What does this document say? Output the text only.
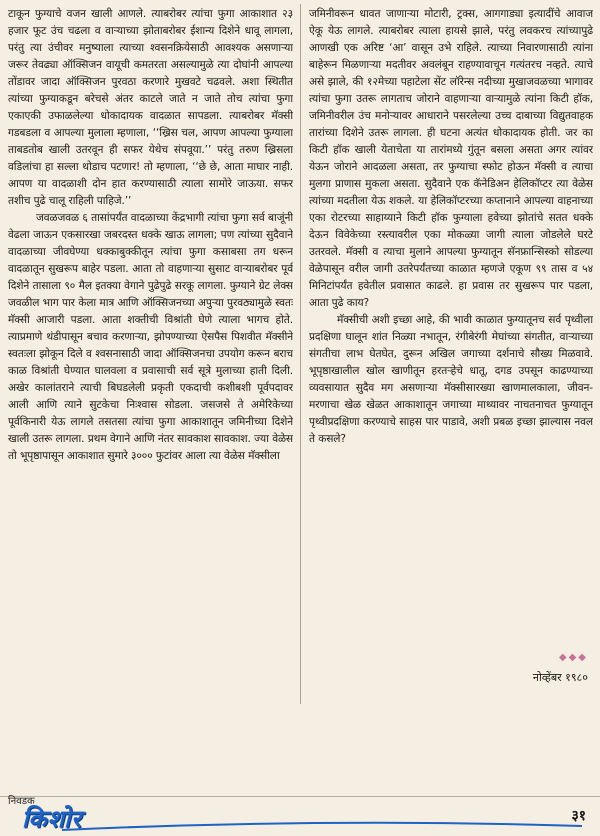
टाकून फुग्याचे वजन खाली आणले. त्याबरोबर त्यांचा फुगा आकाशात २३ हजार फूट उंच चढला व वाऱ्याच्या झोताबरोबर ईशान्य दिशेने धावू लागला, परंतु त्या उंचीवर मनुष्याला त्याच्या श्वसनक्रियेसाठी आवश्यक असणाऱ्या जरूर तेवढ्या ऑक्सिजन वायूची कमतरता असल्यामुळे त्या दोघांनी आपल्या तोंडावर जादा ऑक्सिजन पुरवठा करणारे मुखवटे चढवले. अशा स्थितीत त्यांच्या फुग्याकडून बरेचसे अंतर काटले जाते न जाते तोच त्यांचा फुगा एकाएकी उफाळलेल्या धोकादायक वादळात सापडला. त्याबरोबर मॅक्सी गडबडला व आपल्या मुलाला म्हणाला, ‘‘ख्रिस चल, आपण आपल्या फुग्याला ताबडतोब खाली उतरवून ही सफर येथेच संपवूया.’’ परंतु तरुण ख्रिसला वडिलांचा हा सल्ला थोडाच पटणार! तो म्हणाला, ‘‘छे छे, आता माघार नाही. आपण या वादळाशी दोन हात करण्यासाठी त्याला सामोरे जाऊया. सफर तशीच पुढे चालू राहिली पाहिजे.’’

जवळजवळ ६ तासांपर्यंत वादळाच्या केंद्रभागी त्यांचा फुगा सर्व बाजूंनी वेढला जाऊन एकसारखा जबरदस्त धक्के खाऊ लागला; पण त्यांच्या सुदैवाने वादळाच्या जीवघेण्या धक्काबुक्कीतून त्यांचा फुगा कसाबसा तग धरून वादळातून सुखरूप बाहेर पडला. आता तो वाहणाऱ्या सुसाट वाऱ्याबरोबर पूर्व दिशेने तासाला ९० मैल इतक्या वेगाने पुढेपुढे सरकू लागला. फुग्याने ग्रेट लेक्स जवळील भाग पार केला मात्र आणि ऑक्सिजनच्या अपुऱ्या पुरवठ्यामुळे स्वतः मॅक्सी आजारी पडला. आता शक्तीची विश्रांती घेणे त्याला भागच होते. त्याप्रमाणे थंडीपासून बचाव करणाऱ्या, झोपण्याच्या ऐसपैस पिशवीत मॅक्सीने स्वतःला झोकून दिले व श्वसनासाठी जादा ऑक्सिजनचा उपयोग करून बराच काळ विश्रांती घेण्यात घालवला व प्रवासाची सर्व सूत्रे मुलाच्या हाती दिली. अखेर कालांतराने त्याची बिघडलेली प्रकृती एकदाची कशीबशी पूर्वपदावर आली आणि त्याने सुटकेचा निःश्वास सोडला. जसजसे ते अमेरिकेच्या पूर्वकिनारी येऊ लागले तसतसा त्यांचा फुगा आकाशातून जमिनीच्या दिशेने खाली उतरू लागला. प्रथम वेगाने आणि नंतर सावकाश सावकाश. ज्या वेळेस तो भूपृष्ठापासून आकाशात सुमारे ३००० फुटांवर आला त्या वेळेस मॅक्सीला

जमिनीवरून धावत जाणाऱ्या मोटारी, ट्रक्स, आगगाड्या इत्यादींचे आवाज ऐकू येऊ लागले. त्याबरोबर त्याला हायसे झाले, परंतु लवकरच त्यांच्यापुढे आणखी एक अरिष्ट ‘आ’ वासून उभे राहिले. त्याच्या निवारणासाठी त्यांना बाहेरून मिळणाऱ्या मदतीवर अवलंबून राहण्यावाचून गत्यंतरच नव्हते. त्याचे असे झाले, की १२मेच्या पहाटेला सेंट लॉरेन्स नदीच्या मुखाजवळच्या भागावर त्यांचा फुगा उतरू लागताच जोराने वाहणाऱ्या वाऱ्यामुळे त्यांना किटी हॉक, जमिनीवरील उंच मनोऱ्यावर आधाराने पसरलेल्या उच्च दाबाच्या विद्युतवाहक तारांच्या दिशेने उतरू लागला. ही घटना अत्यंत धोकादायक होती. जर का किटी हॉक खाली येताचेता या तारांमध्ये गुंतून बसला असता अगर त्यांवर येऊन जोराने आदळला असता, तर फुग्याचा स्फोट होऊन मॅक्सी व त्याचा मुलगा प्राणास मुकला असता. सुदैवाने एक कॅनेडिअन हेलिकॉप्टर त्या वेळेस त्यांच्या मदतीला येऊ शकले. या हेलिकॉप्टरच्या कप्तानाने आपल्या वाहनाच्या एका रोटरच्या साहाय्याने किटी हॉक फुग्याला हवेच्या झोतांचे सतत धक्के देऊन विवेकेच्या रस्त्यावरील एका मोकळ्या जागी त्याला जोडलेले घरटे उतरवले. मॅक्सी व त्याचा मुलाने आपल्या फुग्यातून सॅनफ्रान्सिस्को सोडल्या वेळेपासून वरील जागी उतरेपर्यंतच्या काळात म्हणजे एकूण ९९ तास व ५४ मिनिटांपर्यंत हवेतील प्रवासात काढले. हा प्रवास तर सुखरूप पार पडला, आता पुढे काय?

मॅक्सीची अशी इच्छा आहे, की भावी काळात फुग्यातूनच सर्व पृथ्वीला प्रदक्षिणा घालून शांत निळ्या नभातून, रंगीबेरंगी मेघांच्या संगतीत, वाऱ्याच्या संगतीचा लाभ घेतघेत, दुरून अखिल जगाच्या दर्शनाचे सौख्य मिळवावे. भूपृष्ठाखालील खोल खाणीतून हरतऱ्हेचे धातू, दगड उपसून काढण्याच्या व्यवसायात सुदैव मग असणाऱ्या मॅक्सीसारख्या खाणमालकाला, जीवन-मरणाचा खेळ खेळत आकाशातून जगाच्या माथ्यावर नाचतनाचत फुग्यातून पृथ्वीप्रदक्षिणा करण्याचे साहस पार पाडावे, अशी प्रबळ इच्छा झाल्यास नवल ते कसले?

◆◆◆
नोव्हेंबर १९८०
निवडक
किशोर	३१
